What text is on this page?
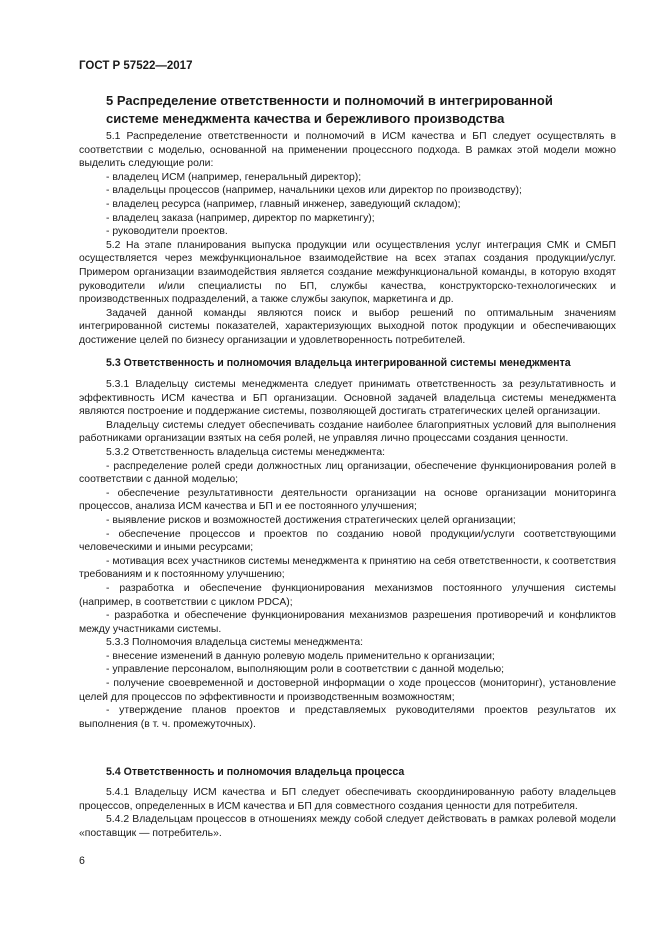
ГОСТ Р 57522—2017
5 Распределение ответственности и полномочий в интегрированной
системе менеджмента качества и бережливого производства

5.1 Распределение ответственности и полномочий в ИСМ качества и БП следует осуществлять в соответствии с моделью, основанной на применении процессного подхода. В рамках этой модели можно выделить следующие роли:

- владелец ИСМ (например, генеральный директор);

- владельцы процессов (например, начальники цехов или директор по производству);

- владелец ресурса (например, главный инженер, заведующий складом);

- владелец заказа (например, директор по маркетингу);

- руководители проектов.

5.2 На этапе планирования выпуска продукции или осуществления услуг интеграция СМК и СМБП осуществляется через межфункциональное взаимодействие на всех этапах создания продукции/услуг. Примером организации взаимодействия является создание межфункциональной команды, в которую входят руководители и/или специалисты по БП, службы качества, конструкторско-технологических и производственных подразделений, а также службы закупок, маркетинга и др.

Задачей данной команды являются поиск и выбор решений по оптимальным значениям интегрированной системы показателей, характеризующих выходной поток продукции и обеспечивающих достижение целей по бизнесу организации и удовлетворенность потребителей.

5.3 Ответственность и полномочия владельца интегрированной системы менеджмента

5.3.1 Владельцу системы менеджмента следует принимать ответственность за результативность и эффективность ИСМ качества и БП организации. Основной задачей владельца системы менеджмента являются построение и поддержание системы, позволяющей достигать стратегических целей организации.

Владельцу системы следует обеспечивать создание наиболее благоприятных условий для выполнения работниками организации взятых на себя ролей, не управляя лично процессами создания ценности.

5.3.2 Ответственность владельца системы менеджмента:

- распределение ролей среди должностных лиц организации, обеспечение функционирования ролей в соответствии с данной моделью;

- обеспечение результативности деятельности организации на основе организации мониторинга процессов, анализа ИСМ качества и БП и ее постоянного улучшения;

- выявление рисков и возможностей достижения стратегических целей организации;

- обеспечение процессов и проектов по созданию новой продукции/услуги соответствующими человеческими и иными ресурсами;

- мотивация всех участников системы менеджмента к принятию на себя ответственности, к соответствия требованиям и к постоянному улучшению;

- разработка и обеспечение функционирования механизмов постоянного улучшения системы (например, в соответствии с циклом PDCA);

- разработка и обеспечение функционирования механизмов разрешения противоречий и конфликтов между участниками системы.

5.3.3 Полномочия владельца системы менеджмента:

- внесение изменений в данную ролевую модель применительно к организации;

- управление персоналом, выполняющим роли в соответствии с данной моделью;

- получение своевременной и достоверной информации о ходе процессов (мониторинг), установление целей для процессов по эффективности и производственным возможностям;

- утверждение планов проектов и представляемых руководителями проектов результатов их выполнения (в т. ч. промежуточных).

5.4 Ответственность и полномочия владельца процесса

5.4.1 Владельцу ИСМ качества и БП следует обеспечивать скоординированную работу владельцев процессов, определенных в ИСМ качества и БП для совместного создания ценности для потребителя.

5.4.2 Владельцам процессов в отношениях между собой следует действовать в рамках ролевой модели «поставщик — потребитель».

6
